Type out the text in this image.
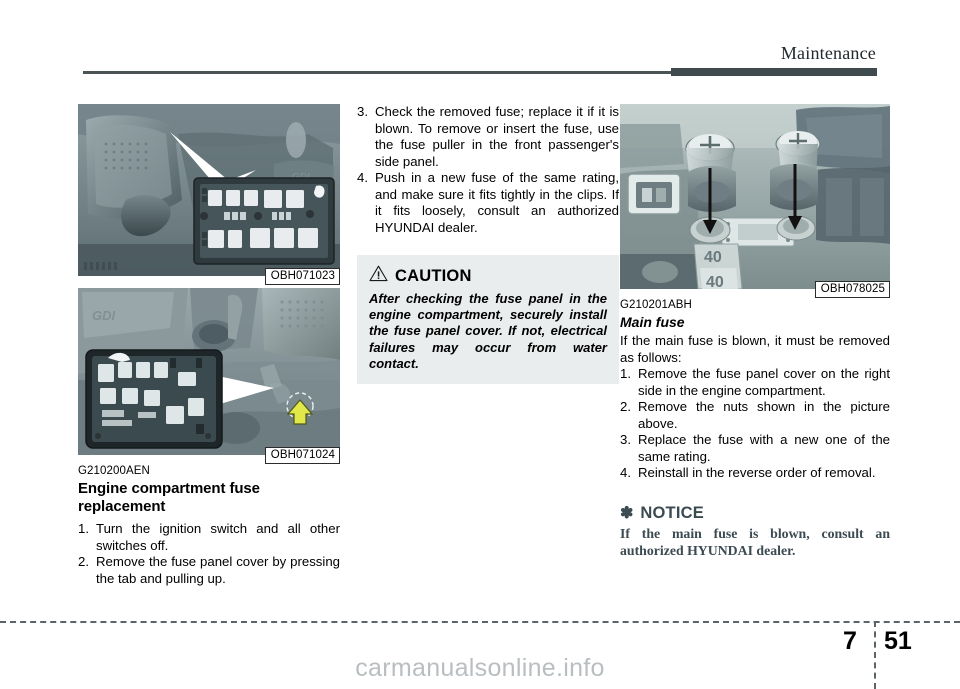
Maintenance
OBH071023
GDI
OBH071024
G210200AEN
Engine compartment fuse replacement
1. Turn the ignition switch and all other switches off.
2. Remove the fuse panel cover by pressing the tab and pulling up.
3. Check the removed fuse; replace it if it is blown. To remove or insert the fuse, use the fuse puller in the front passenger's side panel.
4. Push in a new fuse of the same rating, and make sure it fits tightly in the clips. If it fits loosely, consult an authorized HYUNDAI dealer.
CAUTION
After checking the fuse panel in the engine compartment, securely install the fuse panel cover. If not, electrical failures may occur from water contact.
40
40	OBH078025
G210201ABH
Main fuse

If the main fuse is blown, it must be removed as follows:

1. Remove the fuse panel cover on the right side in the engine compartment.
2. Remove the nuts shown in the picture above.
3. Replace the fuse with a new one of the same rating.
4. Reinstall in the reverse order of removal.
✽ NOTICE
If the main fuse is blown, consult an authorized HYUNDAI dealer.
7 51
carmanualsonline.info
